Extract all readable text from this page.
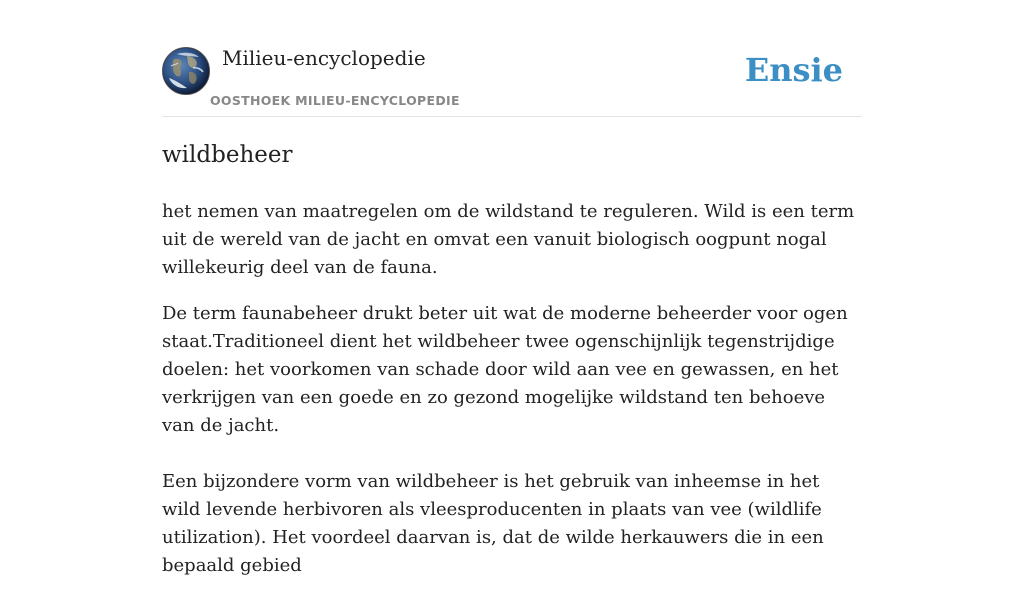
Milieu-encyclopedie
OOSTHOEK MILIEU-ENCYCLOPEDIE
Ensie
wildbeheer

het nemen van maatregelen om de wildstand te reguleren. Wild is een term uit de wereld van de jacht en omvat een vanuit biologisch oogpunt nogal willekeurig deel van de fauna.

De term faunabeheer drukt beter uit wat de moderne beheerder voor ogen staat.Traditioneel dient het wildbeheer twee ogenschijnlijk tegenstrijdige doelen: het voorkomen van schade door wild aan vee en gewassen, en het verkrijgen van een goede en zo gezond mogelijke wildstand ten behoeve van de jacht.

Een bijzondere vorm van wildbeheer is het gebruik van inheemse in het wild levende herbivoren als vleesproducenten in plaats van vee (wildlife utilization). Het voordeel daarvan is, dat de wilde herkauwers die in een bepaald gebied
